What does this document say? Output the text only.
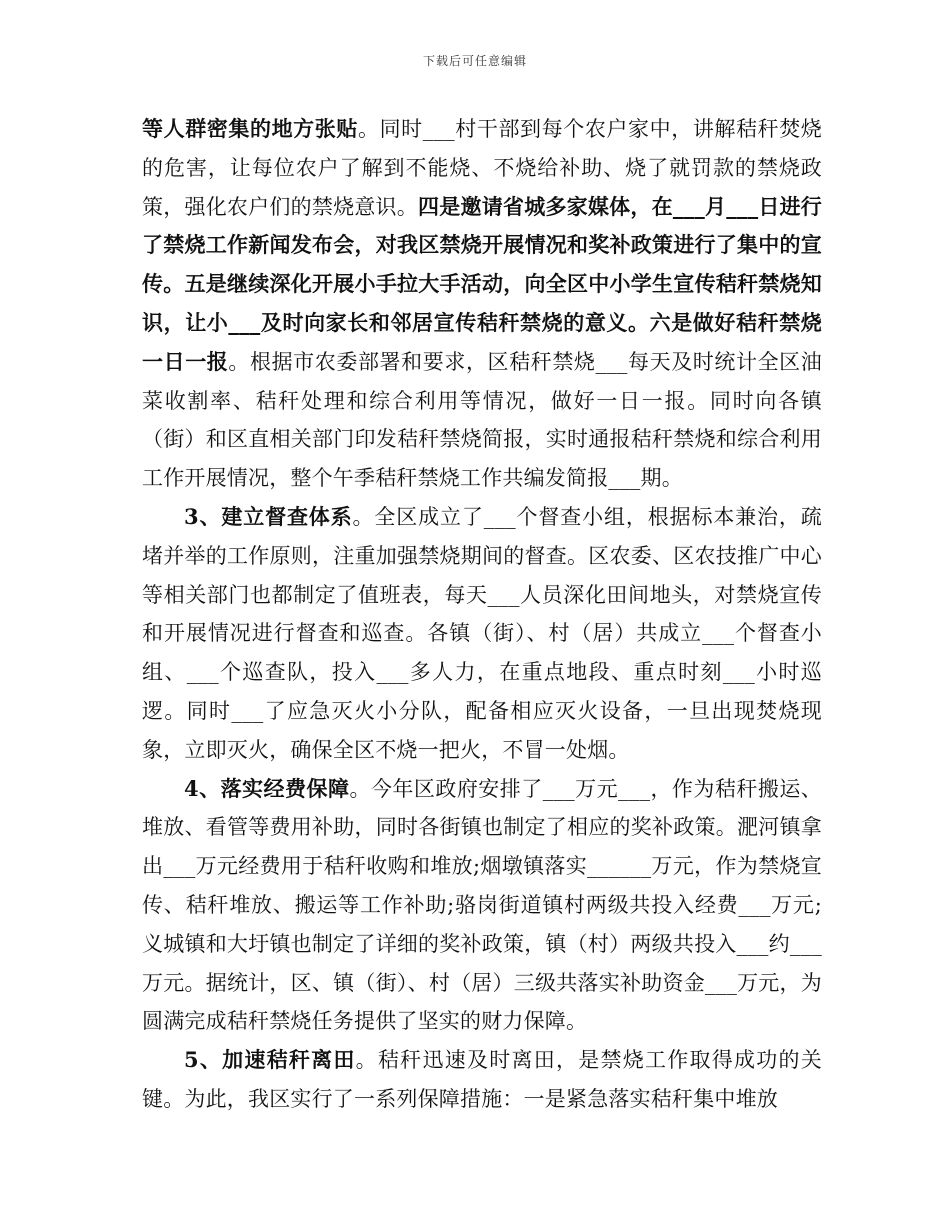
下载后可任意编辑

等人群密集的地方张贴。同时___村干部到每个农户家中，讲解秸秆焚烧的危害，让每位农户了解到不能烧、不烧给补助、烧了就罚款的禁烧政策，强化农户们的禁烧意识。四是邀请省城多家媒体，在___月___日进行了禁烧工作新闻发布会，对我区禁烧开展情况和奖补政策进行了集中的宣传。五是继续深化开展小手拉大手活动，向全区中小学生宣传秸秆禁烧知识，让小___及时向家长和邻居宣传秸秆禁烧的意义。六是做好秸秆禁烧一日一报。根据市农委部署和要求，区秸秆禁烧___每天及时统计全区油菜收割率、秸秆处理和综合利用等情况，做好一日一报。同时向各镇（街）和区直相关部门印发秸秆禁烧简报，实时通报秸秆禁烧和综合利用工作开展情况，整个午季秸秆禁烧工作共编发简报___期。

3、建立督查体系。全区成立了___个督查小组，根据标本兼治，疏堵并举的工作原则，注重加强禁烧期间的督查。区农委、区农技推广中心等相关部门也都制定了值班表，每天___人员深化田间地头，对禁烧宣传和开展情况进行督查和巡查。各镇（街）、村（居）共成立___个督查小组、___个巡查队，投入___多人力，在重点地段、重点时刻___小时巡逻。同时___了应急灭火小分队，配备相应灭火设备，一旦出现焚烧现象，立即灭火，确保全区不烧一把火，不冒一处烟。

4、落实经费保障。今年区政府安排了___万元___，作为秸秆搬运、堆放、看管等费用补助，同时各街镇也制定了相应的奖补政策。淝河镇拿出___万元经费用于秸秆收购和堆放;烟墩镇落实______万元，作为禁烧宣传、秸秆堆放、搬运等工作补助;骆岗街道镇村两级共投入经费___万元;义城镇和大圩镇也制定了详细的奖补政策，镇（村）两级共投入___约___万元。据统计，区、镇（街）、村（居）三级共落实补助资金___万元，为圆满完成秸秆禁烧任务提供了坚实的财力保障。

5、加速秸秆离田。秸秆迅速及时离田，是禁烧工作取得成功的关键。为此，我区实行了一系列保障措施：一是紧急落实秸秆集中堆放
